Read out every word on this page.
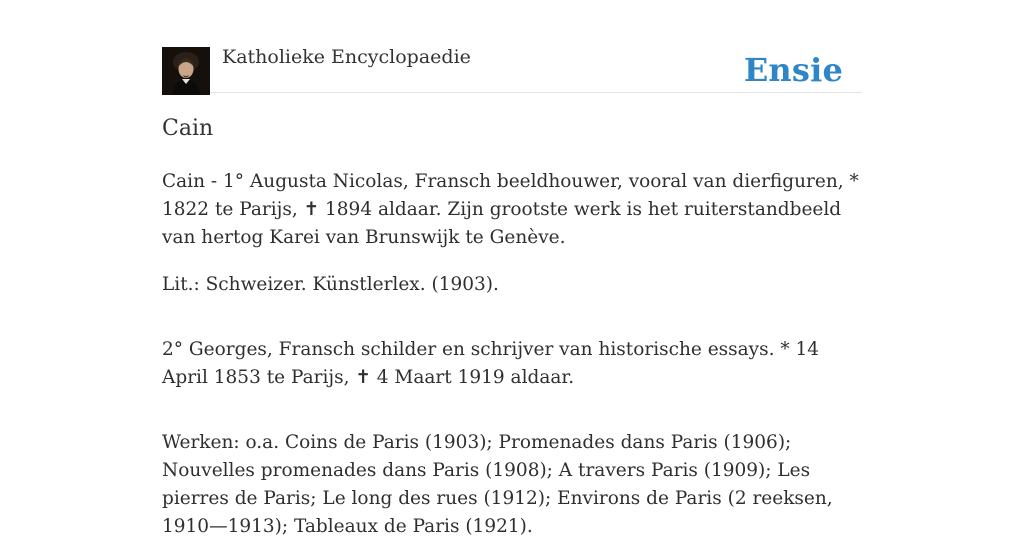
Katholieke Encyclopaedie	Ensie
Cain

Cain - 1° Augusta Nicolas, Fransch beeldhouwer, vooral van dierfiguren, * 1822 te Parijs, ✝ 1894 aldaar. Zijn grootste werk is het ruiterstandbeeld van hertog Karei van Brunswijk te Genève.

Lit.: Schweizer. Künstlerlex. (1903).

2° Georges, Fransch schilder en schrijver van historische essays. * 14 April 1853 te Parijs, ✝ 4 Maart 1919 aldaar.

Werken: o.a. Coins de Paris (1903); Promenades dans Paris (1906); Nouvelles promenades dans Paris (1908); A travers Paris (1909); Les pierres de Paris; Le long des rues (1912); Environs de Paris (2 reeksen, 1910—1913); Tableaux de Paris (1921).
